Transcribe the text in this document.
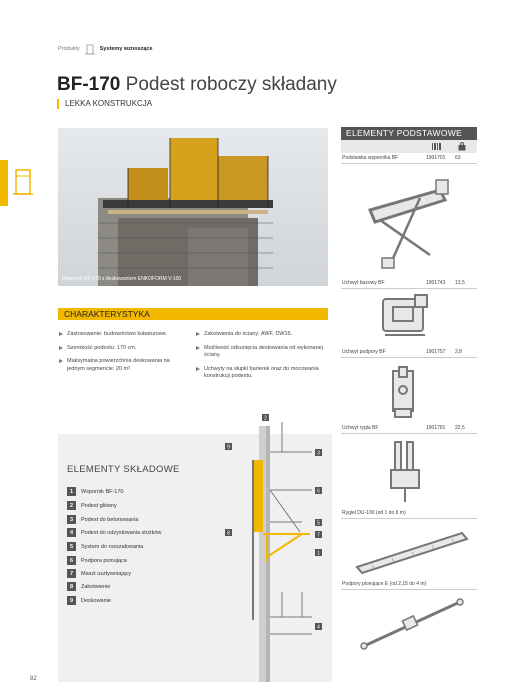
Produkty	Systemy wznoszące
BF-170 Podest roboczy składany
LEKKA KONSTRUKCJA
Wspornik BF-170 z deskowaniem ENKOFORM V-100
CHARAKTERYSTYKA
Zastosowanie: budownictwo kubaturowe.
Szerokość podestu: 170 cm.
Maksymalna powierzchnia deskowania na jednym segmencie: 20 m².
Zakotwienia do ściany: AWF, DW15.
Możliwość odsunięcia deskowania od wykonanej ściany.
Uchwyty na słupki barierek oraz do mocowania konstrukcji podestu.
ELEMENTY SKŁADOWE
1	Wspornik BF-170
2	Podest główny
3	Podest do betonowania
4	Podest do odzyskiwania stożków
5	System do rozszalowania
6	Podpora pionująca
7	Maszt usztywniający
8	Zakotwienie
9	Deskowanie
2
9
3
6
8
5
7
1
4
ELEMENTY PODSTAWOWE
Podstawka wspornika BF	1901701 63
Uchwyt bazowy BF	1901743 13,5
Uchwyt podpory BF	1901757 2,8
Uchwyt rygla BF	1901781 22,5
Rygiel DU-100 (od 1 do 6 m)
Podpory pionujące E (od 2,15 do 4 m)
82
